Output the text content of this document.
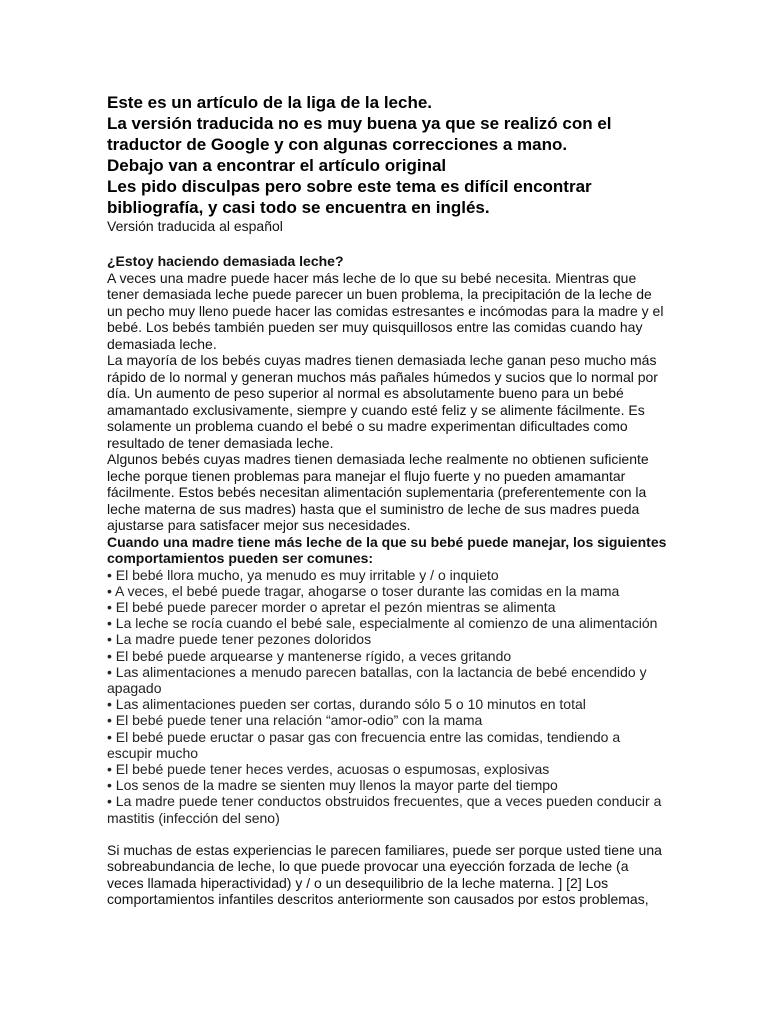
Este es un artículo de la liga de la leche.

La versión traducida no es muy buena ya que se realizó con el traductor de Google y con algunas correcciones a mano.

Debajo van a encontrar el artículo original

Les pido disculpas pero sobre este tema es difícil encontrar bibliografía, y casi todo se encuentra en inglés.

Versión traducida al español

¿Estoy haciendo demasiada leche?

A veces una madre puede hacer más leche de lo que su bebé necesita. Mientras que tener demasiada leche puede parecer un buen problema, la precipitación de la leche de un pecho muy lleno puede hacer las comidas estresantes e incómodas para la madre y el bebé. Los bebés también pueden ser muy quisquillosos entre las comidas cuando hay demasiada leche.

La mayoría de los bebés cuyas madres tienen demasiada leche ganan peso mucho más rápido de lo normal y generan muchos más pañales húmedos y sucios que lo normal por día. Un aumento de peso superior al normal es absolutamente bueno para un bebé amamantado exclusivamente, siempre y cuando esté feliz y se alimente fácilmente. Es solamente un problema cuando el bebé o su madre experimentan dificultades como resultado de tener demasiada leche.

Algunos bebés cuyas madres tienen demasiada leche realmente no obtienen suficiente leche porque tienen problemas para manejar el flujo fuerte y no pueden amamantar fácilmente. Estos bebés necesitan alimentación suplementaria (preferentemente con la leche materna de sus madres) hasta que el suministro de leche de sus madres pueda ajustarse para satisfacer mejor sus necesidades.

Cuando una madre tiene más leche de la que su bebé puede manejar, los siguientes comportamientos pueden ser comunes:

• El bebé llora mucho, ya menudo es muy irritable y / o inquieto
• A veces, el bebé puede tragar, ahogarse o toser durante las comidas en la mama
• El bebé puede parecer morder o apretar el pezón mientras se alimenta
• La leche se rocía cuando el bebé sale, especialmente al comienzo de una alimentación
• La madre puede tener pezones doloridos
• El bebé puede arquearse y mantenerse rígido, a veces gritando
• Las alimentaciones a menudo parecen batallas, con la lactancia de bebé encendido y apagado
• Las alimentaciones pueden ser cortas, durando sólo 5 o 10 minutos en total
• El bebé puede tener una relación “amor-odio” con la mama
• El bebé puede eructar o pasar gas con frecuencia entre las comidas, tendiendo a escupir mucho
• El bebé puede tener heces verdes, acuosas o espumosas, explosivas
• Los senos de la madre se sienten muy llenos la mayor parte del tiempo
• La madre puede tener conductos obstruidos frecuentes, que a veces pueden conducir a mastitis (infección del seno)

Si muchas de estas experiencias le parecen familiares, puede ser porque usted tiene una sobreabundancia de leche, lo que puede provocar una eyección forzada de leche (a veces llamada hiperactividad) y / o un desequilibrio de la leche materna. ] [2] Los comportamientos infantiles descritos anteriormente son causados por estos problemas,
